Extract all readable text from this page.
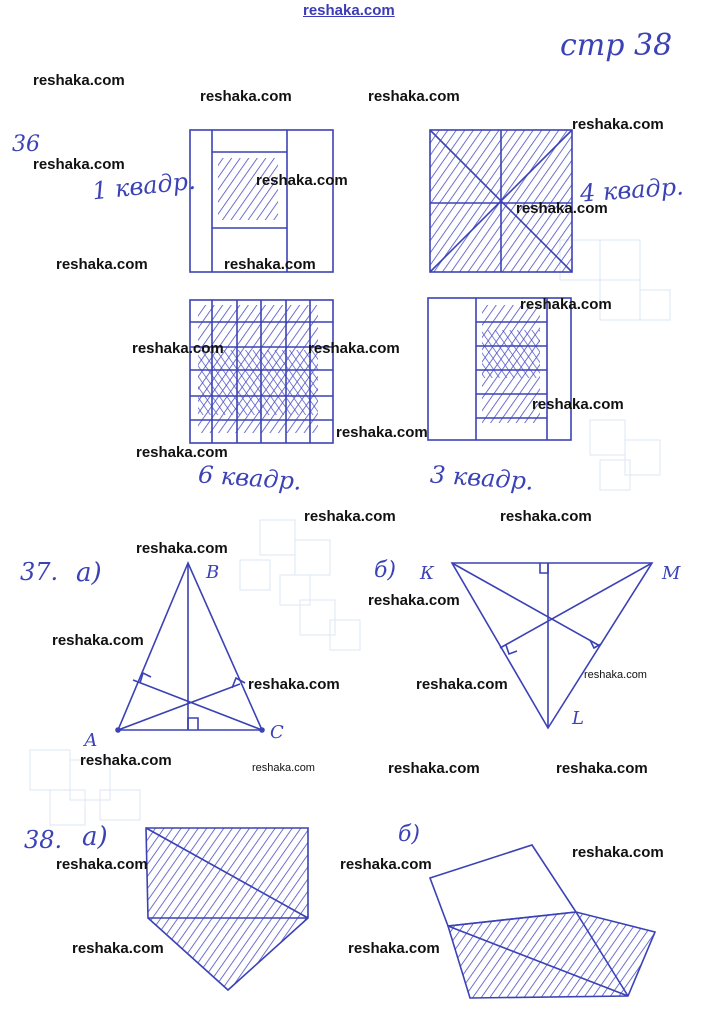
reshaka.com
стр 38
36
1 квадр.	4 квадр.
6 квадр.	3 квадр.
37. а)	б)
В
А	С
К	М
L
38. а)	б)
reshaka.com
reshaka.com	reshaka.com
reshaka.com
reshaka.com
reshaka.com
reshaka.com
reshaka.com	reshaka.com
reshaka.com
reshaka.com	reshaka.com
reshaka.com
reshaka.com
reshaka.com
reshaka.com	reshaka.com
reshaka.com
reshaka.com
reshaka.com
reshaka.com
reshaka.com	reshaka.com
reshaka.com	reshaka.com	reshaka.com	reshaka.com
reshaka.com
reshaka.com	reshaka.com
reshaka.com	reshaka.com
